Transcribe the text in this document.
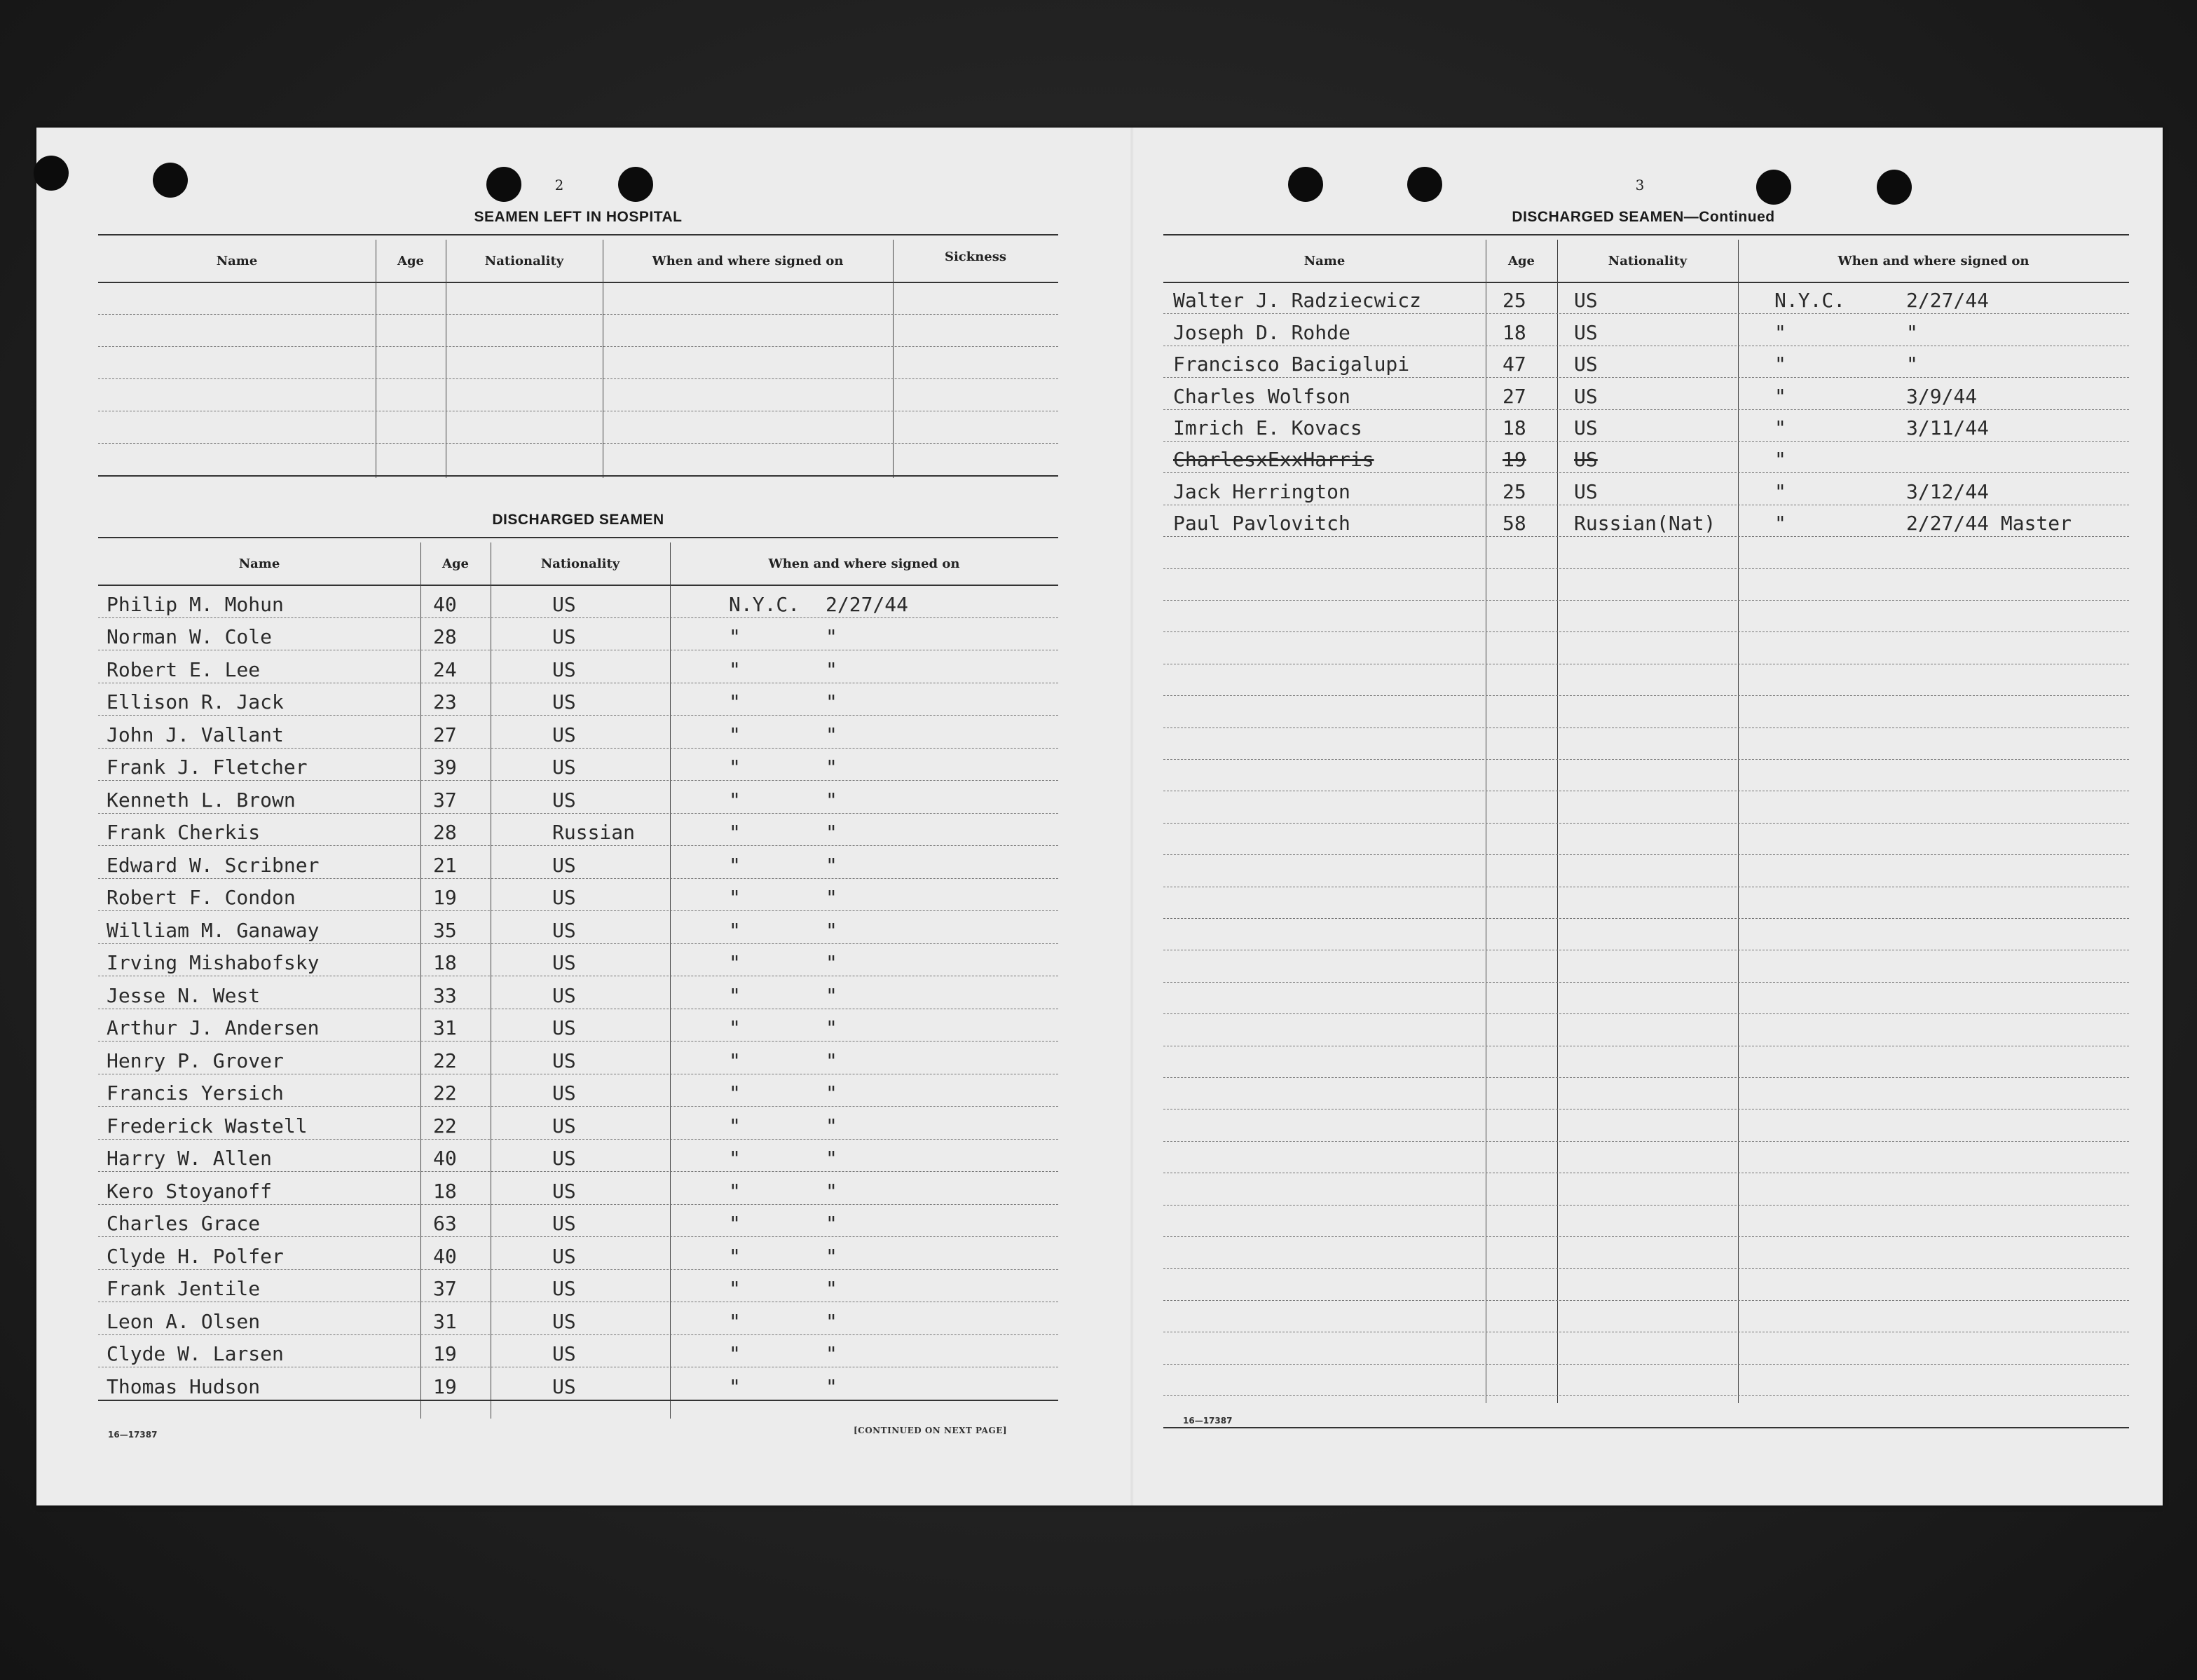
2
SEAMEN LEFT IN HOSPITAL
Name	Age	Nationality	When and where signed on	Sickness
DISCHARGED SEAMEN
Name	Age	Nationality	When and where signed on
Philip M. Mohun	40	US	N.Y.C. 2/27/44
Norman W. Cole	28	US	"	"
Robert E. Lee	24	US	"	"
Ellison R. Jack	23	US	"	"
John J. Vallant	27	US	"	"
Frank J. Fletcher	39	US	"	"
Kenneth L. Brown	37	US	"	"
Frank Cherkis	28	Russian	"	"
Edward W. Scribner	21	US	"	"
Robert F. Condon	19	US	"	"
William M. Ganaway	35	US	"	"
Irving Mishabofsky	18	US	"	"
Jesse N. West	33	US	"	"
Arthur J. Andersen	31	US	"	"
Henry P. Grover	22	US	"	"
Francis Yersich	22	US	"	"
Frederick Wastell	22	US	"	"
Harry W. Allen	40	US	"	"
Kero Stoyanoff	18	US	"	"
Charles Grace	63	US	"	"
Clyde H. Polfer	40	US	"	"
Frank Jentile	37	US	"	"
Leon A. Olsen	31	US	"	"
Clyde W. Larsen	19	US	"	"
Thomas Hudson	19	US	"	"
16—17387	[CONTINUED ON NEXT PAGE]
3
DISCHARGED SEAMEN—Continued
Name	Age	Nationality	When and where signed on
Walter J. Radziecwicz	25 US	N.Y.C.	2/27/44
Joseph D. Rohde	18 US	"	"
Francisco Bacigalupi	47 US	"	"
Charles Wolfson	27 US	"	3/9/44
Imrich E. Kovacs	18 US	"	3/11/44
CharlesxExxHarris	19 US	"
Jack Herrington	25 US	"	3/12/44
Paul Pavlovitch	58 Russian(Nat)	"	2/27/44 Master
16—17387
